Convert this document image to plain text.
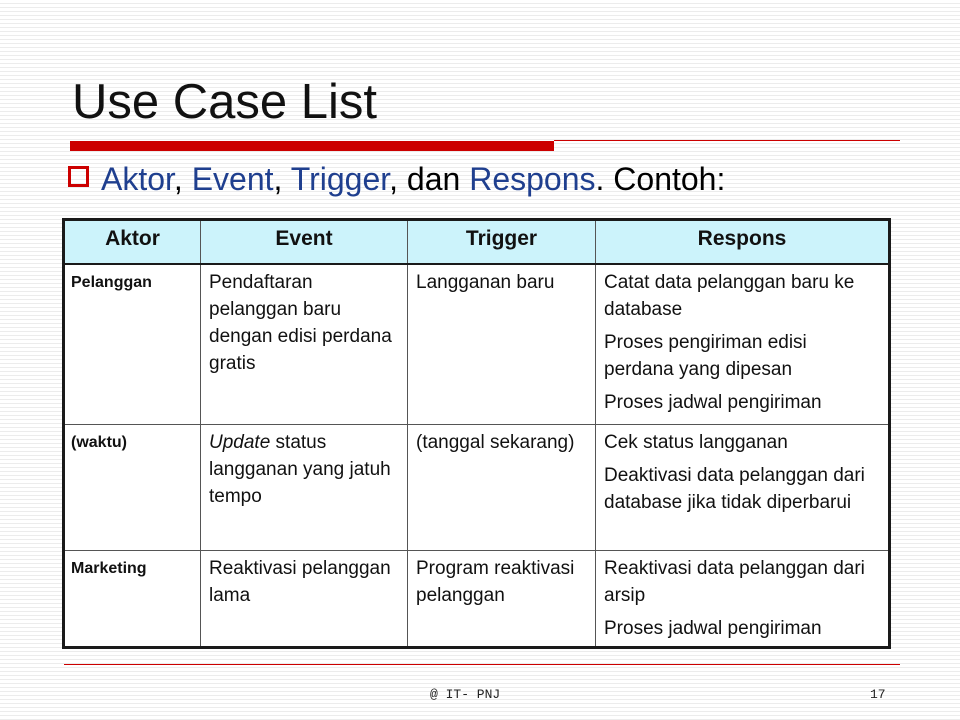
Use Case List
Aktor, Event, Trigger, dan Respons. Contoh:
Aktor	Event	Trigger	Respons
Pelanggan	Pendaftaran pelanggan baru dengan edisi perdana gratis	Langganan baru	Catat data pelanggan baru ke database
Proses pengiriman edisi perdana yang dipesan
Proses jadwal pengiriman

(waktu)	Update status langganan yang jatuh tempo	(tanggal sekarang)	Cek status langganan
Deaktivasi data pelanggan dari database jika tidak diperbarui

Marketing	Reaktivasi pelanggan lama	Program reaktivasi pelanggan	Reaktivasi data pelanggan dari arsip
Proses jadwal pengiriman
@ IT- PNJ	17
